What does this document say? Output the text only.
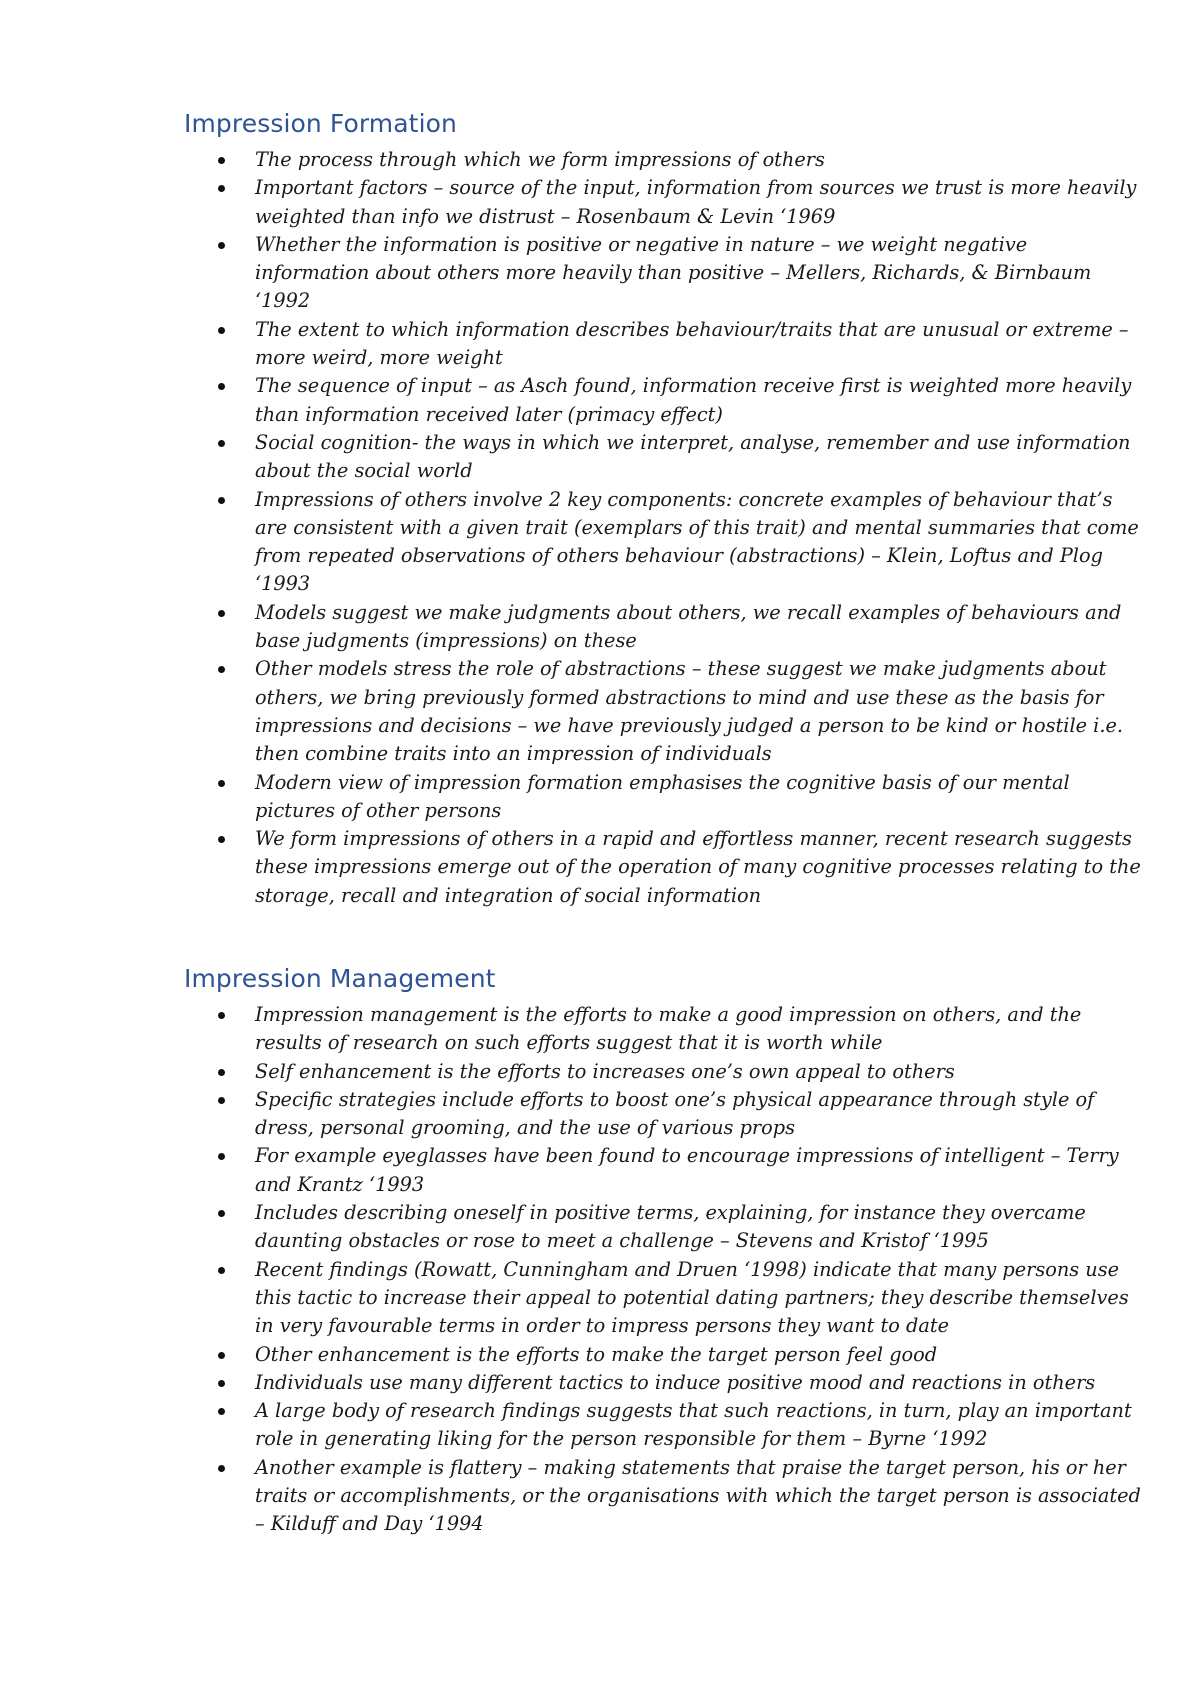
Impression Formation
The process through which we form impressions of others
Important factors – source of the input, information from sources we trust is more heavily weighted than info we distrust – Rosenbaum & Levin ‘1969
Whether the information is positive or negative in nature – we weight negative information about others more heavily than positive – Mellers, Richards, & Birnbaum ‘1992
The extent to which information describes behaviour/traits that are unusual or extreme – more weird, more weight
The sequence of input – as Asch found, information receive first is weighted more heavily than information received later (primacy effect)
Social cognition- the ways in which we interpret, analyse, remember and use information about the social world
Impressions of others involve 2 key components: concrete examples of behaviour that’s are consistent with a given trait (exemplars of this trait) and mental summaries that come from repeated observations of others behaviour (abstractions) – Klein, Loftus and Plog ‘1993
Models suggest we make judgments about others, we recall examples of behaviours and base judgments (impressions) on these
Other models stress the role of abstractions – these suggest we make judgments about others, we bring previously formed abstractions to mind and use these as the basis for impressions and decisions – we have previously judged a person to be kind or hostile i.e. then combine traits into an impression of individuals
Modern view of impression formation emphasises the cognitive basis of our mental pictures of other persons
We form impressions of others in a rapid and effortless manner, recent research suggests these impressions emerge out of the operation of many cognitive processes relating to the storage, recall and integration of social information
Impression Management
Impression management is the efforts to make a good impression on others, and the results of research on such efforts suggest that it is worth while
Self enhancement is the efforts to increases one’s own appeal to others
Specific strategies include efforts to boost one’s physical appearance through style of dress, personal grooming, and the use of various props
For example eyeglasses have been found to encourage impressions of intelligent – Terry and Krantz ‘1993
Includes describing oneself in positive terms, explaining, for instance they overcame daunting obstacles or rose to meet a challenge – Stevens and Kristof ‘1995
Recent findings (Rowatt, Cunningham and Druen ‘1998) indicate that many persons use this tactic to increase their appeal to potential dating partners; they describe themselves in very favourable terms in order to impress persons they want to date
Other enhancement is the efforts to make the target person feel good
Individuals use many different tactics to induce positive mood and reactions in others
A large body of research findings suggests that such reactions, in turn, play an important role in generating liking for the person responsible for them – Byrne ‘1992
Another example is flattery – making statements that praise the target person, his or her traits or accomplishments, or the organisations with which the target person is associated – Kilduff and Day ‘1994
